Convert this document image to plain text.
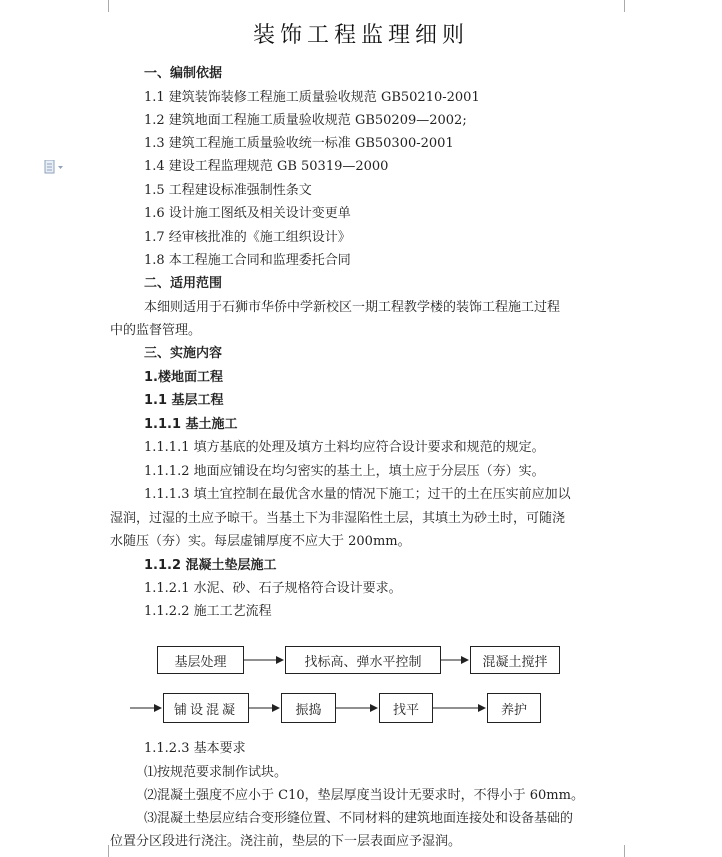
装饰工程监理细则
一、编制依据
1.1 建筑装饰装修工程施工质量验收规范 GB50210-2001
1.2 建筑地面工程施工质量验收规范 GB50209—2002;
1.3 建筑工程施工质量验收统一标准 GB50300-2001
1.4 建设工程监理规范 GB 50319—2000
1.5 工程建设标准强制性条文
1.6 设计施工图纸及相关设计变更单
1.7 经审核批准的《施工组织设计》
1.8 本工程施工合同和监理委托合同
二、适用范围
本细则适用于石狮市华侨中学新校区一期工程教学楼的装饰工程施工过程
中的监督管理。
三、实施内容
1.楼地面工程
1.1 基层工程
1.1.1 基土施工
1.1.1.1 填方基底的处理及填方土料均应符合设计要求和规范的规定。
1.1.1.2 地面应铺设在均匀密实的基土上，填土应于分层压（夯）实。
1.1.1.3 填土宜控制在最优含水量的情况下施工；过干的土在压实前应加以
湿润，过湿的土应予晾干。当基土下为非湿陷性土层，其填土为砂土时，可随浇
水随压（夯）实。每层虚铺厚度不应大于 200mm。
1.1.2 混凝土垫层施工
1.1.2.1 水泥、砂、石子规格符合设计要求。
1.1.2.2 施工工艺流程
基层处理	找标高、弹水平控制	混凝土搅拌
铺设混凝	振捣	找平	养护
1.1.2.3 基本要求
⑴按规范要求制作试块。
⑵混凝土强度不应小于 C10，垫层厚度当设计无要求时，不得小于 60mm。
⑶混凝土垫层应结合变形缝位置、不同材料的建筑地面连接处和设备基础的
位置分区段进行浇注。浇注前，垫层的下一层表面应予湿润。
